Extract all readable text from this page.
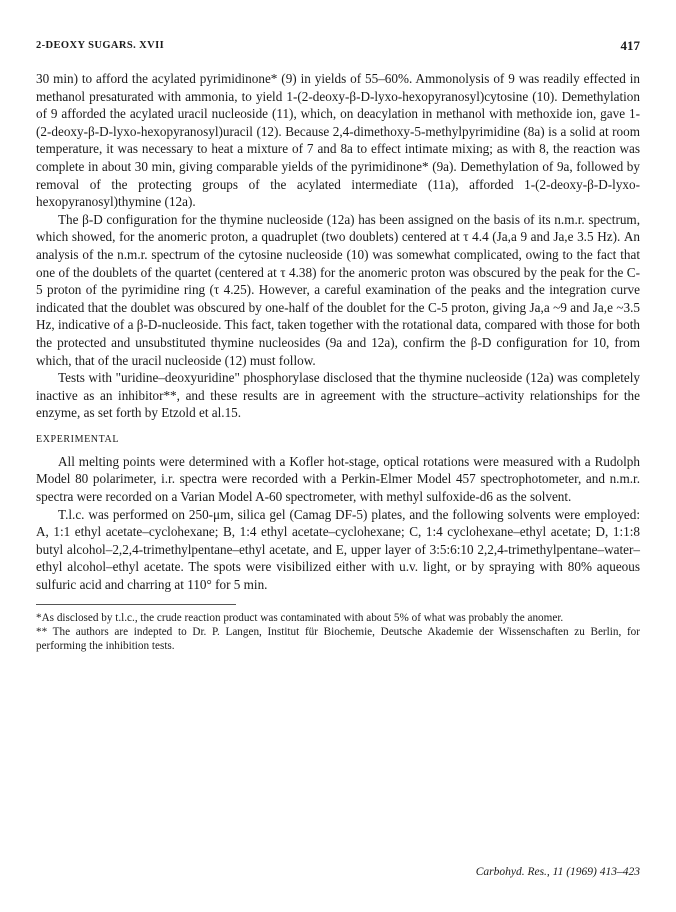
2-DEOXY SUGARS. XVII	417

30 min) to afford the acylated pyrimidinone* (9) in yields of 55–60%. Ammonolysis of 9 was readily effected in methanol presaturated with ammonia, to yield 1-(2-deoxy-β-D-lyxo-hexopyranosyl)cytosine (10). Demethylation of 9 afforded the acylated uracil nucleoside (11), which, on deacylation in methanol with methoxide ion, gave 1-(2-deoxy-β-D-lyxo-hexopyranosyl)uracil (12). Because 2,4-dimethoxy-5-methylpyrimidine (8a) is a solid at room temperature, it was necessary to heat a mixture of 7 and 8a to effect intimate mixing; as with 8, the reaction was complete in about 30 min, giving comparable yields of the pyrimidinone* (9a). Demethylation of 9a, followed by removal of the protecting groups of the acylated intermediate (11a), afforded 1-(2-deoxy-β-D-lyxo-hexopyranosyl)thymine (12a).

The β-D configuration for the thymine nucleoside (12a) has been assigned on the basis of its n.m.r. spectrum, which showed, for the anomeric proton, a quadruplet (two doublets) centered at τ 4.4 (Ja,a 9 and Ja,e 3.5 Hz). An analysis of the n.m.r. spectrum of the cytosine nucleoside (10) was somewhat complicated, owing to the fact that one of the doublets of the quartet (centered at τ 4.38) for the anomeric proton was obscured by the peak for the C-5 proton of the pyrimidine ring (τ 4.25). However, a careful examination of the peaks and the integration curve indicated that the doublet was obscured by one-half of the doublet for the C-5 proton, giving Ja,a ~9 and Ja,e ~3.5 Hz, indicative of a β-D-nucleoside. This fact, taken together with the rotational data, compared with those for both the protected and unsubstituted thymine nucleosides (9a and 12a), confirm the β-D configuration for 10, from which, that of the uracil nucleoside (12) must follow.

Tests with "uridine–deoxyuridine" phosphorylase disclosed that the thymine nucleoside (12a) was completely inactive as an inhibitor**, and these results are in agreement with the structure–activity relationships for the enzyme, as set forth by Etzold et al.15.

EXPERIMENTAL

All melting points were determined with a Kofler hot-stage, optical rotations were measured with a Rudolph Model 80 polarimeter, i.r. spectra were recorded with a Perkin-Elmer Model 457 spectrophotometer, and n.m.r. spectra were recorded on a Varian Model A-60 spectrometer, with methyl sulfoxide-d6 as the solvent.

T.l.c. was performed on 250-μm, silica gel (Camag DF-5) plates, and the following solvents were employed: A, 1:1 ethyl acetate–cyclohexane; B, 1:4 ethyl acetate–cyclohexane; C, 1:4 cyclohexane–ethyl acetate; D, 1:1:8 butyl alcohol–2,2,4-trimethylpentane–ethyl acetate, and E, upper layer of 3:5:6:10 2,2,4-trimethylpentane–water–ethyl alcohol–ethyl acetate. The spots were visibilized either with u.v. light, or by spraying with 80% aqueous sulfuric acid and charring at 110° for 5 min.

*As disclosed by t.l.c., the crude reaction product was contaminated with about 5% of what was probably the anomer.

** The authors are indepted to Dr. P. Langen, Institut für Biochemie, Deutsche Akademie der Wissenschaften zu Berlin, for performing the inhibition tests.

Carbohyd. Res., 11 (1969) 413–423
